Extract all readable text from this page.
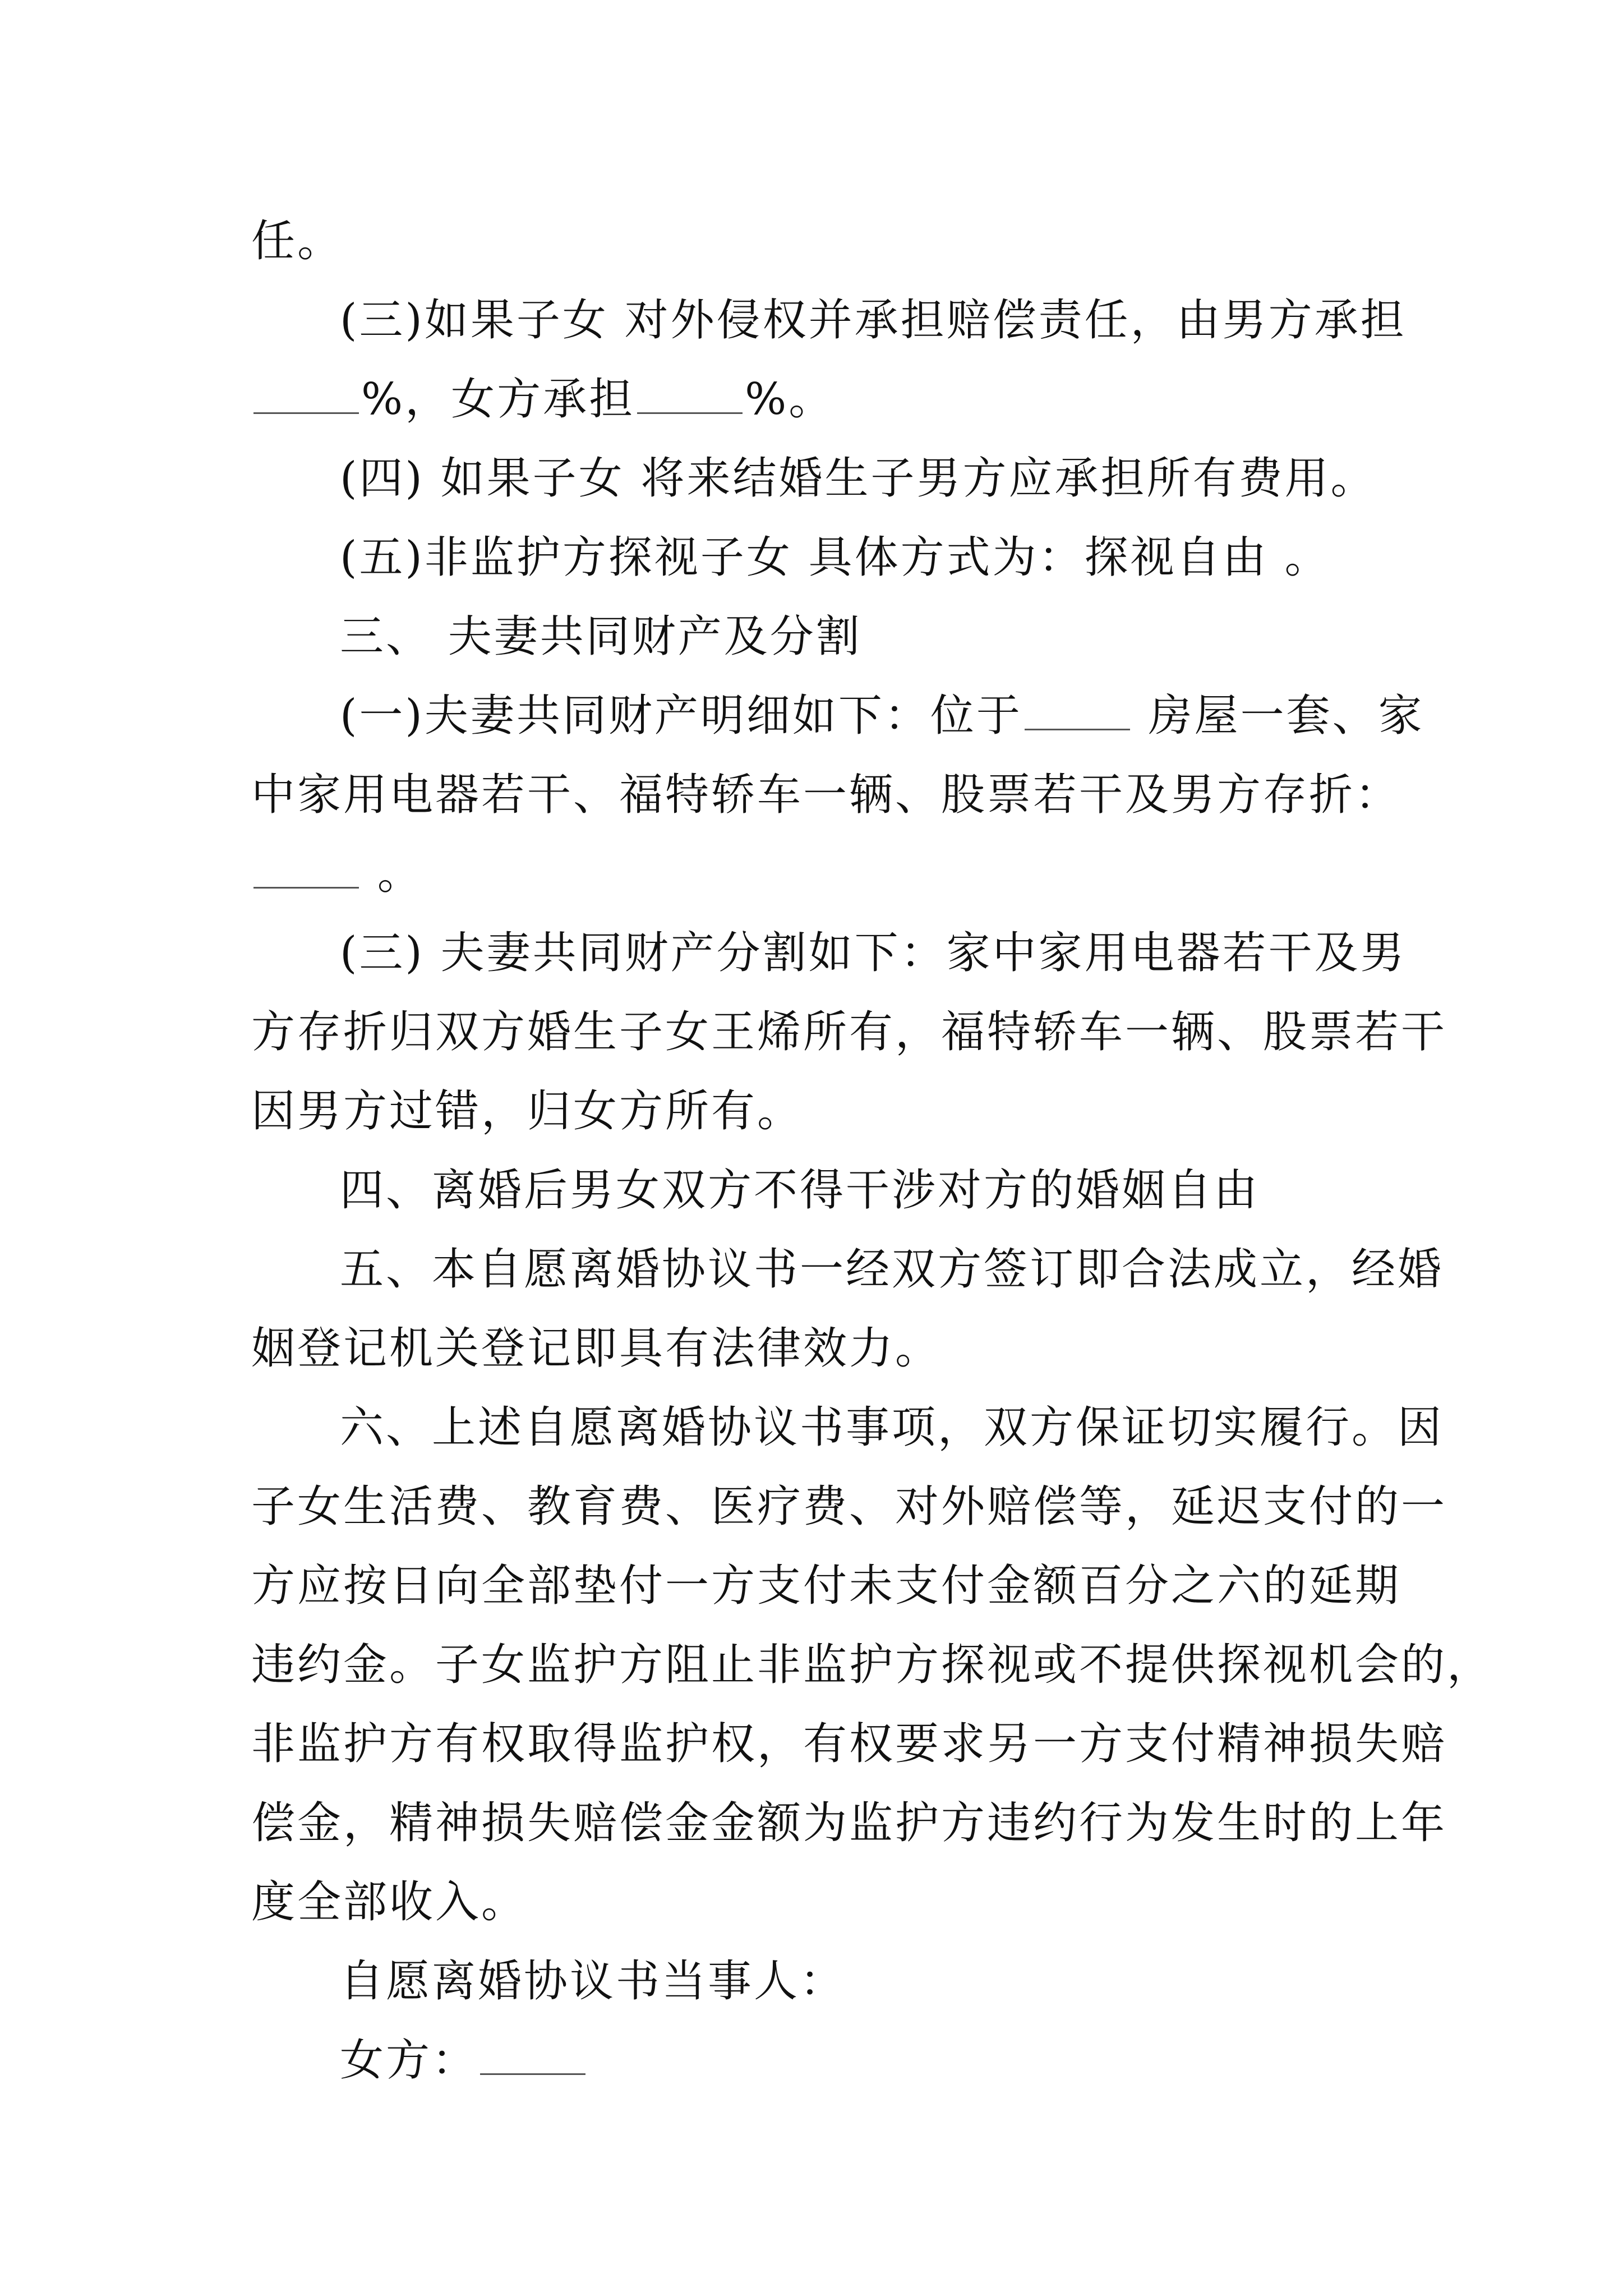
任。
(三)如果子女 对外侵权并承担赔偿责任，由男方承担
%，女方承担	%。
(四) 如果子女 将来结婚生子男方应承担所有费用。
(五)非监护方探视子女 具体方式为：探视自由 。
三、 夫妻共同财产及分割
(一)夫妻共同财产明细如下：位于	房屋一套、家
中家用电器若干、福特轿车一辆、股票若干及男方存折：
。
(三) 夫妻共同财产分割如下：家中家用电器若干及男
方存折归双方婚生子女王烯所有，福特轿车一辆、股票若干
因男方过错，归女方所有。
四、离婚后男女双方不得干涉对方的婚姻自由
五、本自愿离婚协议书一经双方签订即合法成立，经婚
姻登记机关登记即具有法律效力。
六、上述自愿离婚协议书事项，双方保证切实履行。因
子女生活费、教育费、医疗费、对外赔偿等，延迟支付的一
方应按日向全部垫付一方支付未支付金额百分之六的延期
违约金。子女监护方阻止非监护方探视或不提供探视机会的，
非监护方有权取得监护权，有权要求另一方支付精神损失赔
偿金，精神损失赔偿金金额为监护方违约行为发生时的上年
度全部收入。
自愿离婚协议书当事人：
女方：
